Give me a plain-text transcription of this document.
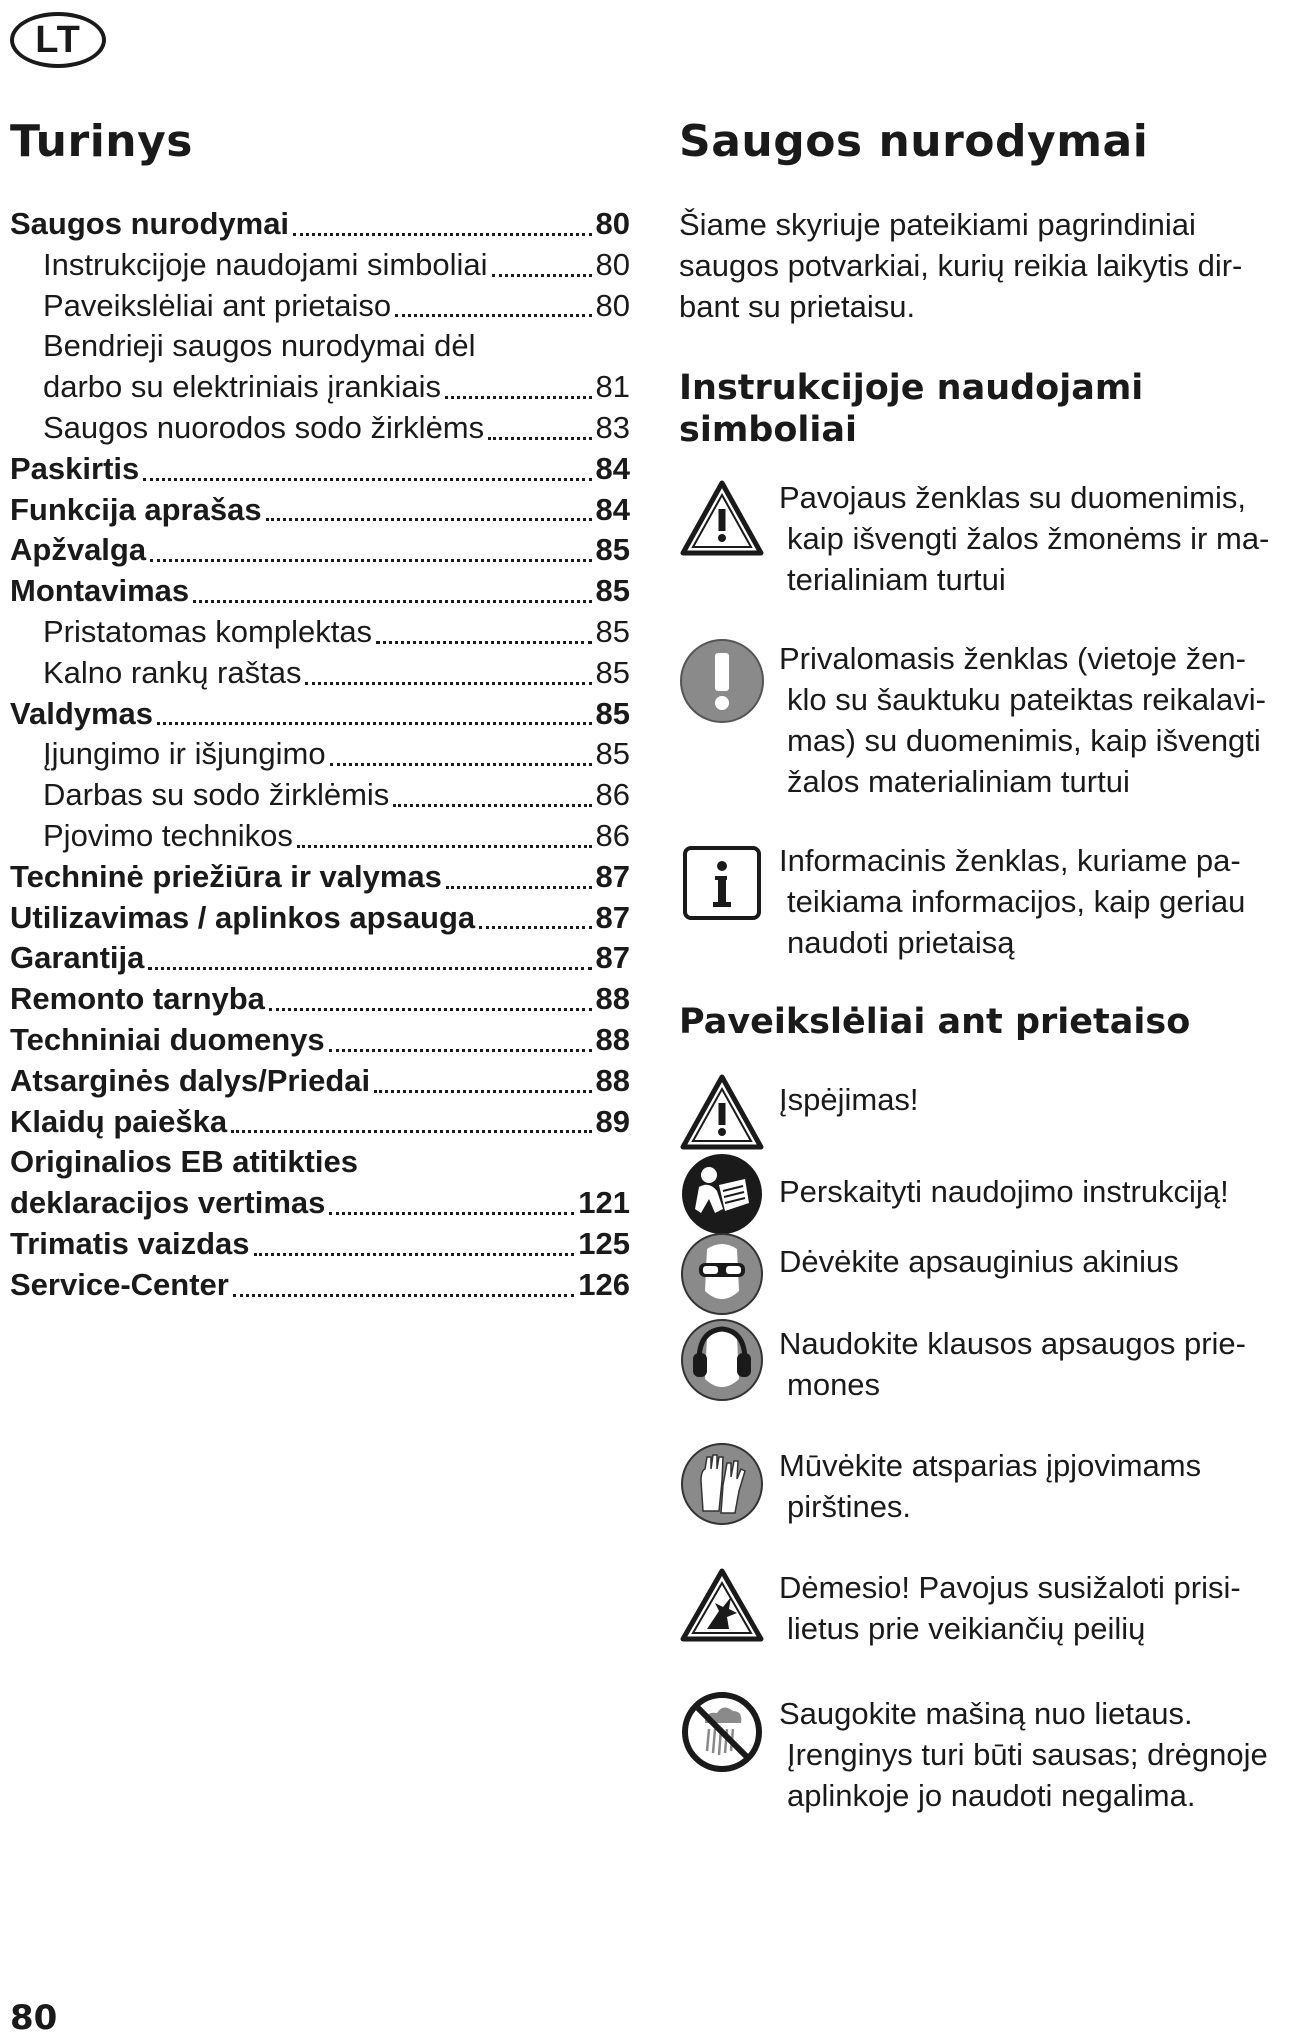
LT
Turinys
Saugos nurodymai	80
Instrukcijoje naudojami simboliai	80
Paveikslėliai ant prietaiso	80
Bendrieji saugos nurodymai dėl
darbo su elektriniais įrankiais	81
Saugos nuorodos sodo žirklėms	83
Paskirtis	84
Funkcija aprašas	84
Apžvalga	85
Montavimas	85
Pristatomas komplektas	85
Kalno rankų raštas	85
Valdymas	85
Įjungimo ir išjungimo	85
Darbas su sodo žirklėmis	86
Pjovimo technikos	86
Techninė priežiūra ir valymas	87
Utilizavimas / aplinkos apsauga	87
Garantija	87
Remonto tarnyba	88
Techniniai duomenys	88
Atsarginės dalys/Priedai	88
Klaidų paieška	89
Originalios EB atitikties
deklaracijos vertimas	121
Trimatis vaizdas	125
Service-Center	126
Saugos nurodymai
Šiame skyriuje pateikiami pagrindiniai
saugos potvarkiai, kurių reikia laikytis dir-
bant su prietaisu.
Instrukcijoje naudojami
simboliai
Pavojaus ženklas su duomenimis,
kaip išvengti žalos žmonėms ir ma-
terialiniam turtui
Privalomasis ženklas (vietoje žen-
klo su šauktuku pateiktas reikalavi-
mas) su duomenimis, kaip išvengti
žalos materialiniam turtui
Informacinis ženklas, kuriame pa-
teikiama informacijos, kaip geriau
naudoti prietaisą
Paveikslėliai ant prietaiso
Įspėjimas!
Perskaityti naudojimo instrukciją!
Dėvėkite apsauginius akinius
Naudokite klausos apsaugos prie-
mones
Mūvėkite atsparias įpjovimams
pirštines.
Dėmesio! Pavojus susižaloti prisi-
lietus prie veikiančių peilių
Saugokite mašiną nuo lietaus.
Įrenginys turi būti sausas; drėgnoje
aplinkoje jo naudoti negalima.
80
